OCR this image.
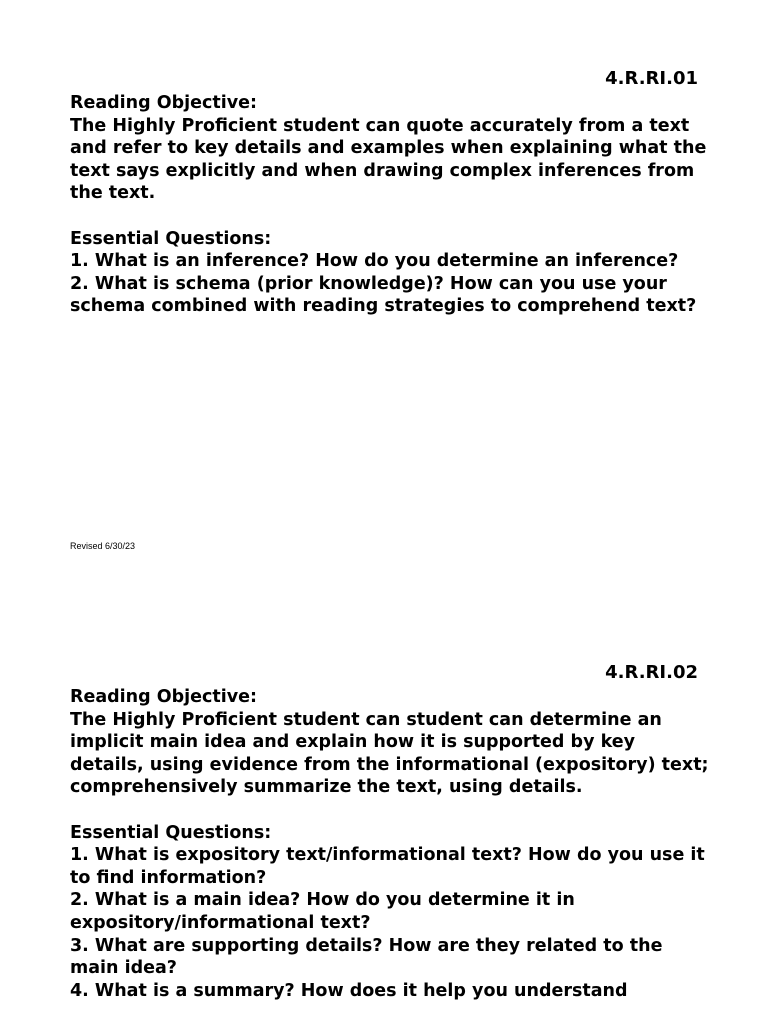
4.R.RI.01

Reading Objective:

The Highly Proficient student can quote accurately from a text and refer to key details and examples when explaining what the text says explicitly and when drawing complex inferences from the text.

Essential Questions:

1. What is an inference? How do you determine an inference?

2. What is schema (prior knowledge)? How can you use your schema combined with reading strategies to comprehend text?

Revised 6/30/23
4.R.RI.02

Reading Objective:

The Highly Proficient student can student can determine an implicit main idea and explain how it is supported by key details, using evidence from the informational (expository) text; comprehensively summarize the text, using details.

Essential Questions:

1. What is expository text/informational text? How do you use it to find information?

2. What is a main idea? How do you determine it in expository/informational text?

3. What are supporting details? How are they related to the main idea?

4. What is a summary? How does it help you understand
